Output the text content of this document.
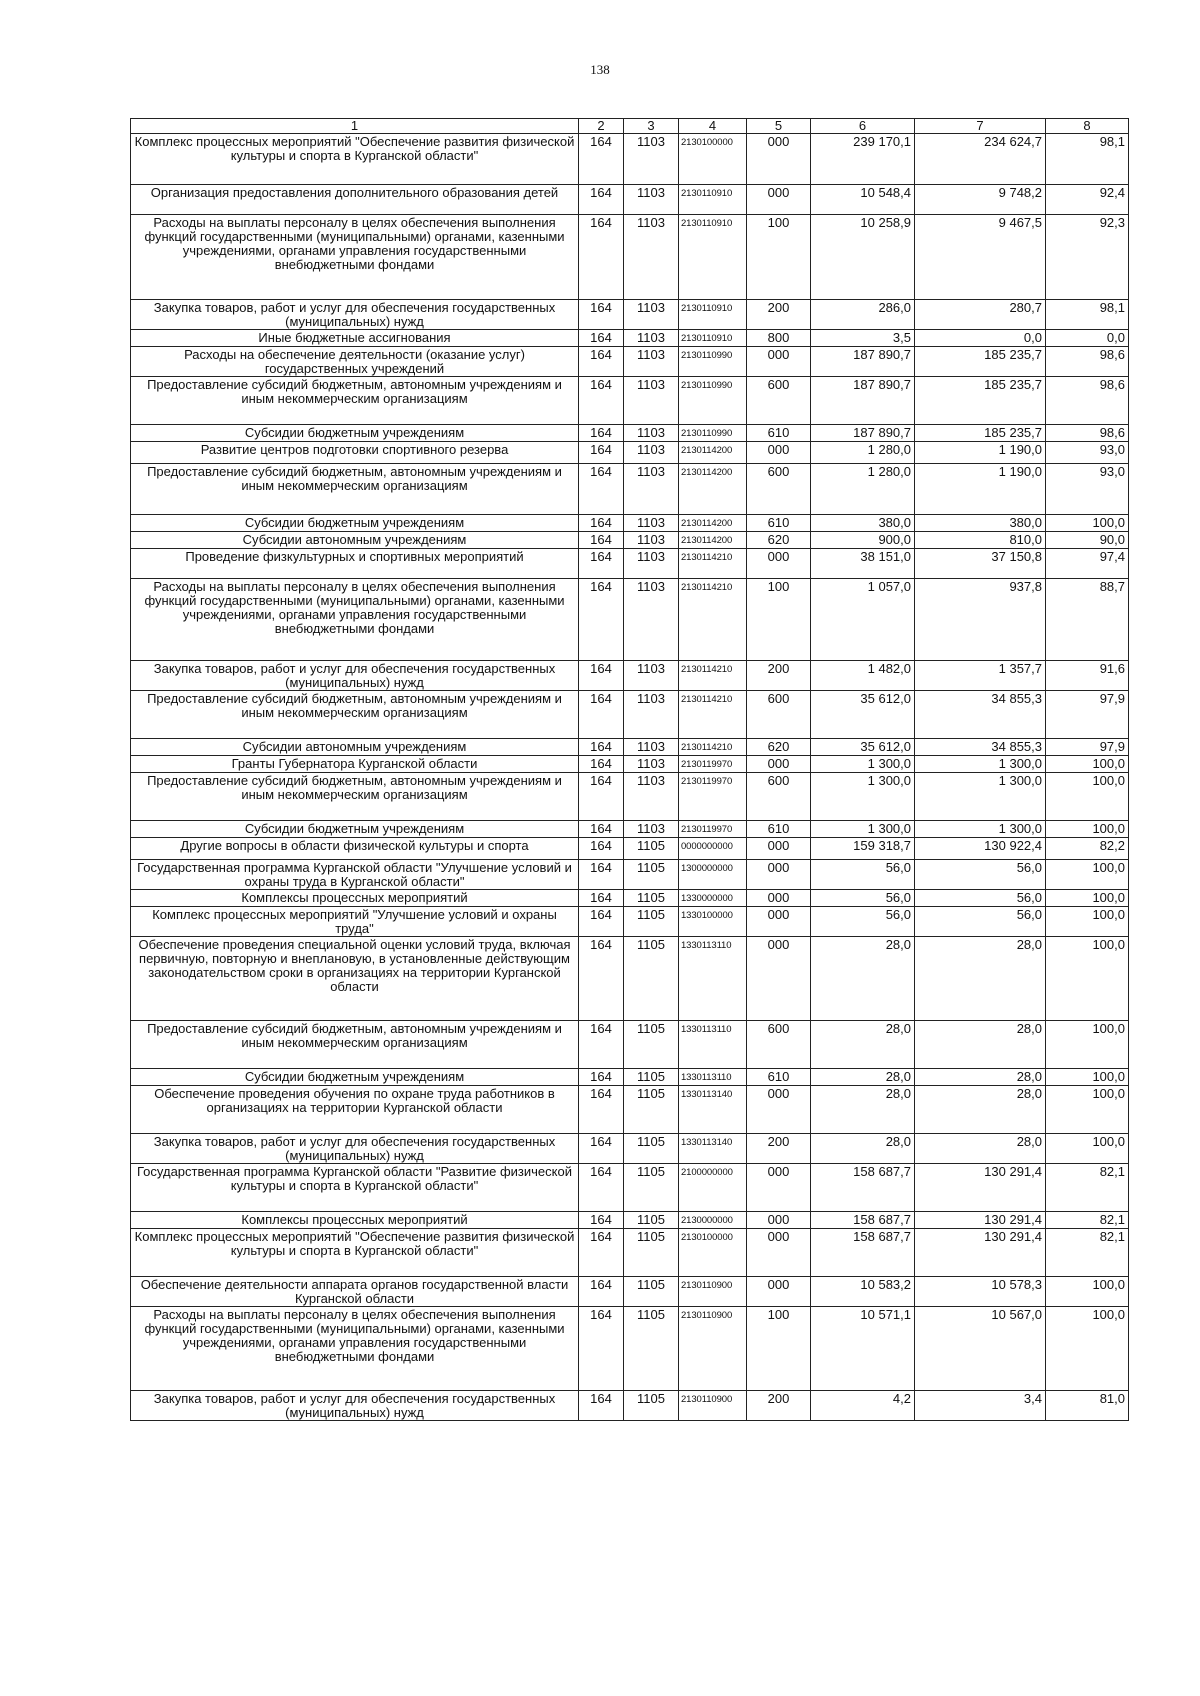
138
1	2	3	4	5	6	7	8
Комплекс процессных мероприятий "Обеспечение развития физической культуры и спорта в Курганской области"	164	1103	2130100000	000	239 170,1	234 624,7	98,1
Организация предоставления дополнительного образования детей	164	1103	2130110910	000	10 548,4	9 748,2	92,4
Расходы на выплаты персоналу в целях обеспечения выполнения функций государственными (муниципальными) органами, казенными учреждениями, органами управления государственными внебюджетными фондами	164	1103	2130110910	100	10 258,9	9 467,5	92,3
Закупка товаров, работ и услуг для обеспечения государственных (муниципальных) нужд	164	1103	2130110910	200	286,0	280,7	98,1
Иные бюджетные ассигнования	164	1103	2130110910	800	3,5	0,0	0,0
Расходы на обеспечение деятельности (оказание услуг) государственных учреждений	164	1103	2130110990	000	187 890,7	185 235,7	98,6
Предоставление субсидий бюджетным, автономным учреждениям и иным некоммерческим организациям	164	1103	2130110990	600	187 890,7	185 235,7	98,6
Субсидии бюджетным учреждениям	164	1103	2130110990	610	187 890,7	185 235,7	98,6
Развитие центров подготовки спортивного резерва	164	1103	2130114200	000	1 280,0	1 190,0	93,0
Предоставление субсидий бюджетным, автономным учреждениям и иным некоммерческим организациям	164	1103	2130114200	600	1 280,0	1 190,0	93,0
Субсидии бюджетным учреждениям	164	1103	2130114200	610	380,0	380,0	100,0
Субсидии автономным учреждениям	164	1103	2130114200	620	900,0	810,0	90,0
Проведение физкультурных и спортивных мероприятий	164	1103	2130114210	000	38 151,0	37 150,8	97,4
Расходы на выплаты персоналу в целях обеспечения выполнения функций государственными (муниципальными) органами, казенными учреждениями, органами управления государственными внебюджетными фондами	164	1103	2130114210	100	1 057,0	937,8	88,7
Закупка товаров, работ и услуг для обеспечения государственных (муниципальных) нужд	164	1103	2130114210	200	1 482,0	1 357,7	91,6
Предоставление субсидий бюджетным, автономным учреждениям и иным некоммерческим организациям	164	1103	2130114210	600	35 612,0	34 855,3	97,9
Субсидии автономным учреждениям	164	1103	2130114210	620	35 612,0	34 855,3	97,9
Гранты Губернатора Курганской области	164	1103	2130119970	000	1 300,0	1 300,0	100,0
Предоставление субсидий бюджетным, автономным учреждениям и иным некоммерческим организациям	164	1103	2130119970	600	1 300,0	1 300,0	100,0
Субсидии бюджетным учреждениям	164	1103	2130119970	610	1 300,0	1 300,0	100,0
Другие вопросы в области физической культуры и спорта	164	1105	0000000000	000	159 318,7	130 922,4	82,2
Государственная программа Курганской области "Улучшение условий и охраны труда в Курганской области"	164	1105	1300000000	000	56,0	56,0	100,0
Комплексы процессных мероприятий	164	1105	1330000000	000	56,0	56,0	100,0
Комплекс процессных мероприятий "Улучшение условий и охраны труда"	164	1105	1330100000	000	56,0	56,0	100,0
Обеспечение проведения специальной оценки условий труда, включая первичную, повторную и внеплановую, в установленные действующим законодательством сроки в организациях на территории Курганской области	164	1105	1330113110	000	28,0	28,0	100,0
Предоставление субсидий бюджетным, автономным учреждениям и иным некоммерческим организациям	164	1105	1330113110	600	28,0	28,0	100,0
Субсидии бюджетным учреждениям	164	1105	1330113110	610	28,0	28,0	100,0
Обеспечение проведения обучения по охране труда работников в организациях на территории Курганской области	164	1105	1330113140	000	28,0	28,0	100,0
Закупка товаров, работ и услуг для обеспечения государственных (муниципальных) нужд	164	1105	1330113140	200	28,0	28,0	100,0
Государственная программа Курганской области "Развитие физической культуры и спорта в Курганской области"	164	1105	2100000000	000	158 687,7	130 291,4	82,1
Комплексы процессных мероприятий	164	1105	2130000000	000	158 687,7	130 291,4	82,1
Комплекс процессных мероприятий "Обеспечение развития физической культуры и спорта в Курганской области"	164	1105	2130100000	000	158 687,7	130 291,4	82,1
Обеспечение деятельности аппарата органов государственной власти Курганской области	164	1105	2130110900	000	10 583,2	10 578,3	100,0
Расходы на выплаты персоналу в целях обеспечения выполнения функций государственными (муниципальными) органами, казенными учреждениями, органами управления государственными внебюджетными фондами	164	1105	2130110900	100	10 571,1	10 567,0	100,0
Закупка товаров, работ и услуг для обеспечения государственных (муниципальных) нужд	164	1105	2130110900	200	4,2	3,4	81,0
